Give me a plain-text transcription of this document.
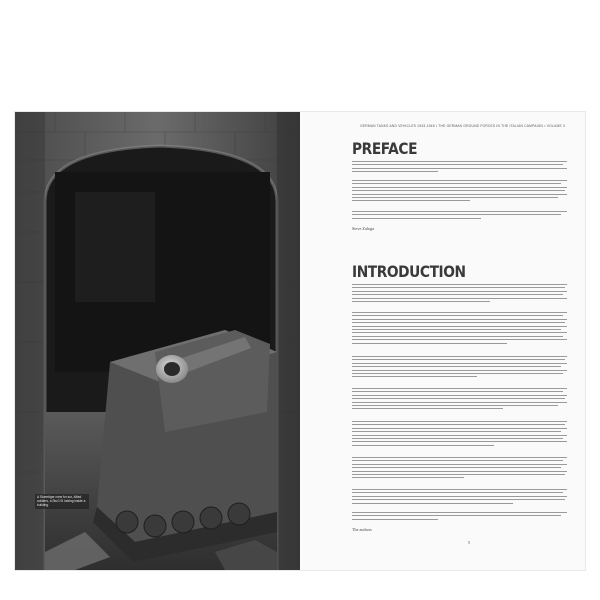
A Sturmtiger crew for sur, Allied soldiers, a StuG III lurking inside a building.
GERMAN TANKS AND VEHICLES 1943-1945 • THE GERMAN GROUND FORCES IN THE ITALIAN CAMPAIGN • VOLUME 3
PREFACE
Steve Zaloga
INTRODUCTION
The authors
5
